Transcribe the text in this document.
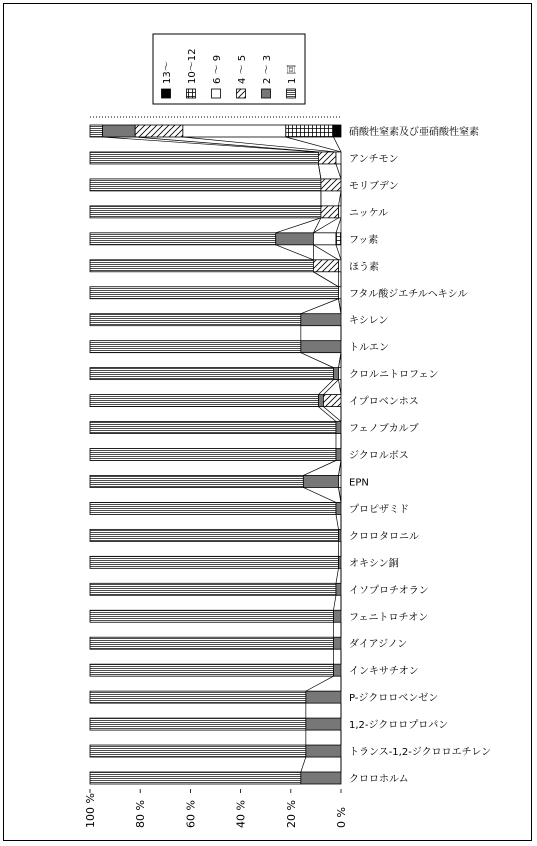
13～ 10～12 6 ～ 9 4 ～ 5 2 ～ 3 1 回
硝酸性窒素及び亜硝酸性窒素
アンチモン
モリブデン
ニッケル
フッ素
ほう素
フタル酸ジエチルヘキシル
キシレン
トルエン
クロルニトロフェン
イプロベンホス
フェノブカルブ
ジクロルボス
EPN
プロピザミド
クロロタロニル
オキシン銅
イソプロチオラン
フェニトロチオン
ダイアジノン
インキサチオン
P-ジクロロベンゼン
1,2-ジクロロプロパン
トランス-1,2-ジクロロエチレン
クロロホルム
100 %	80 %	60 %	40 %	20 %	0 %
